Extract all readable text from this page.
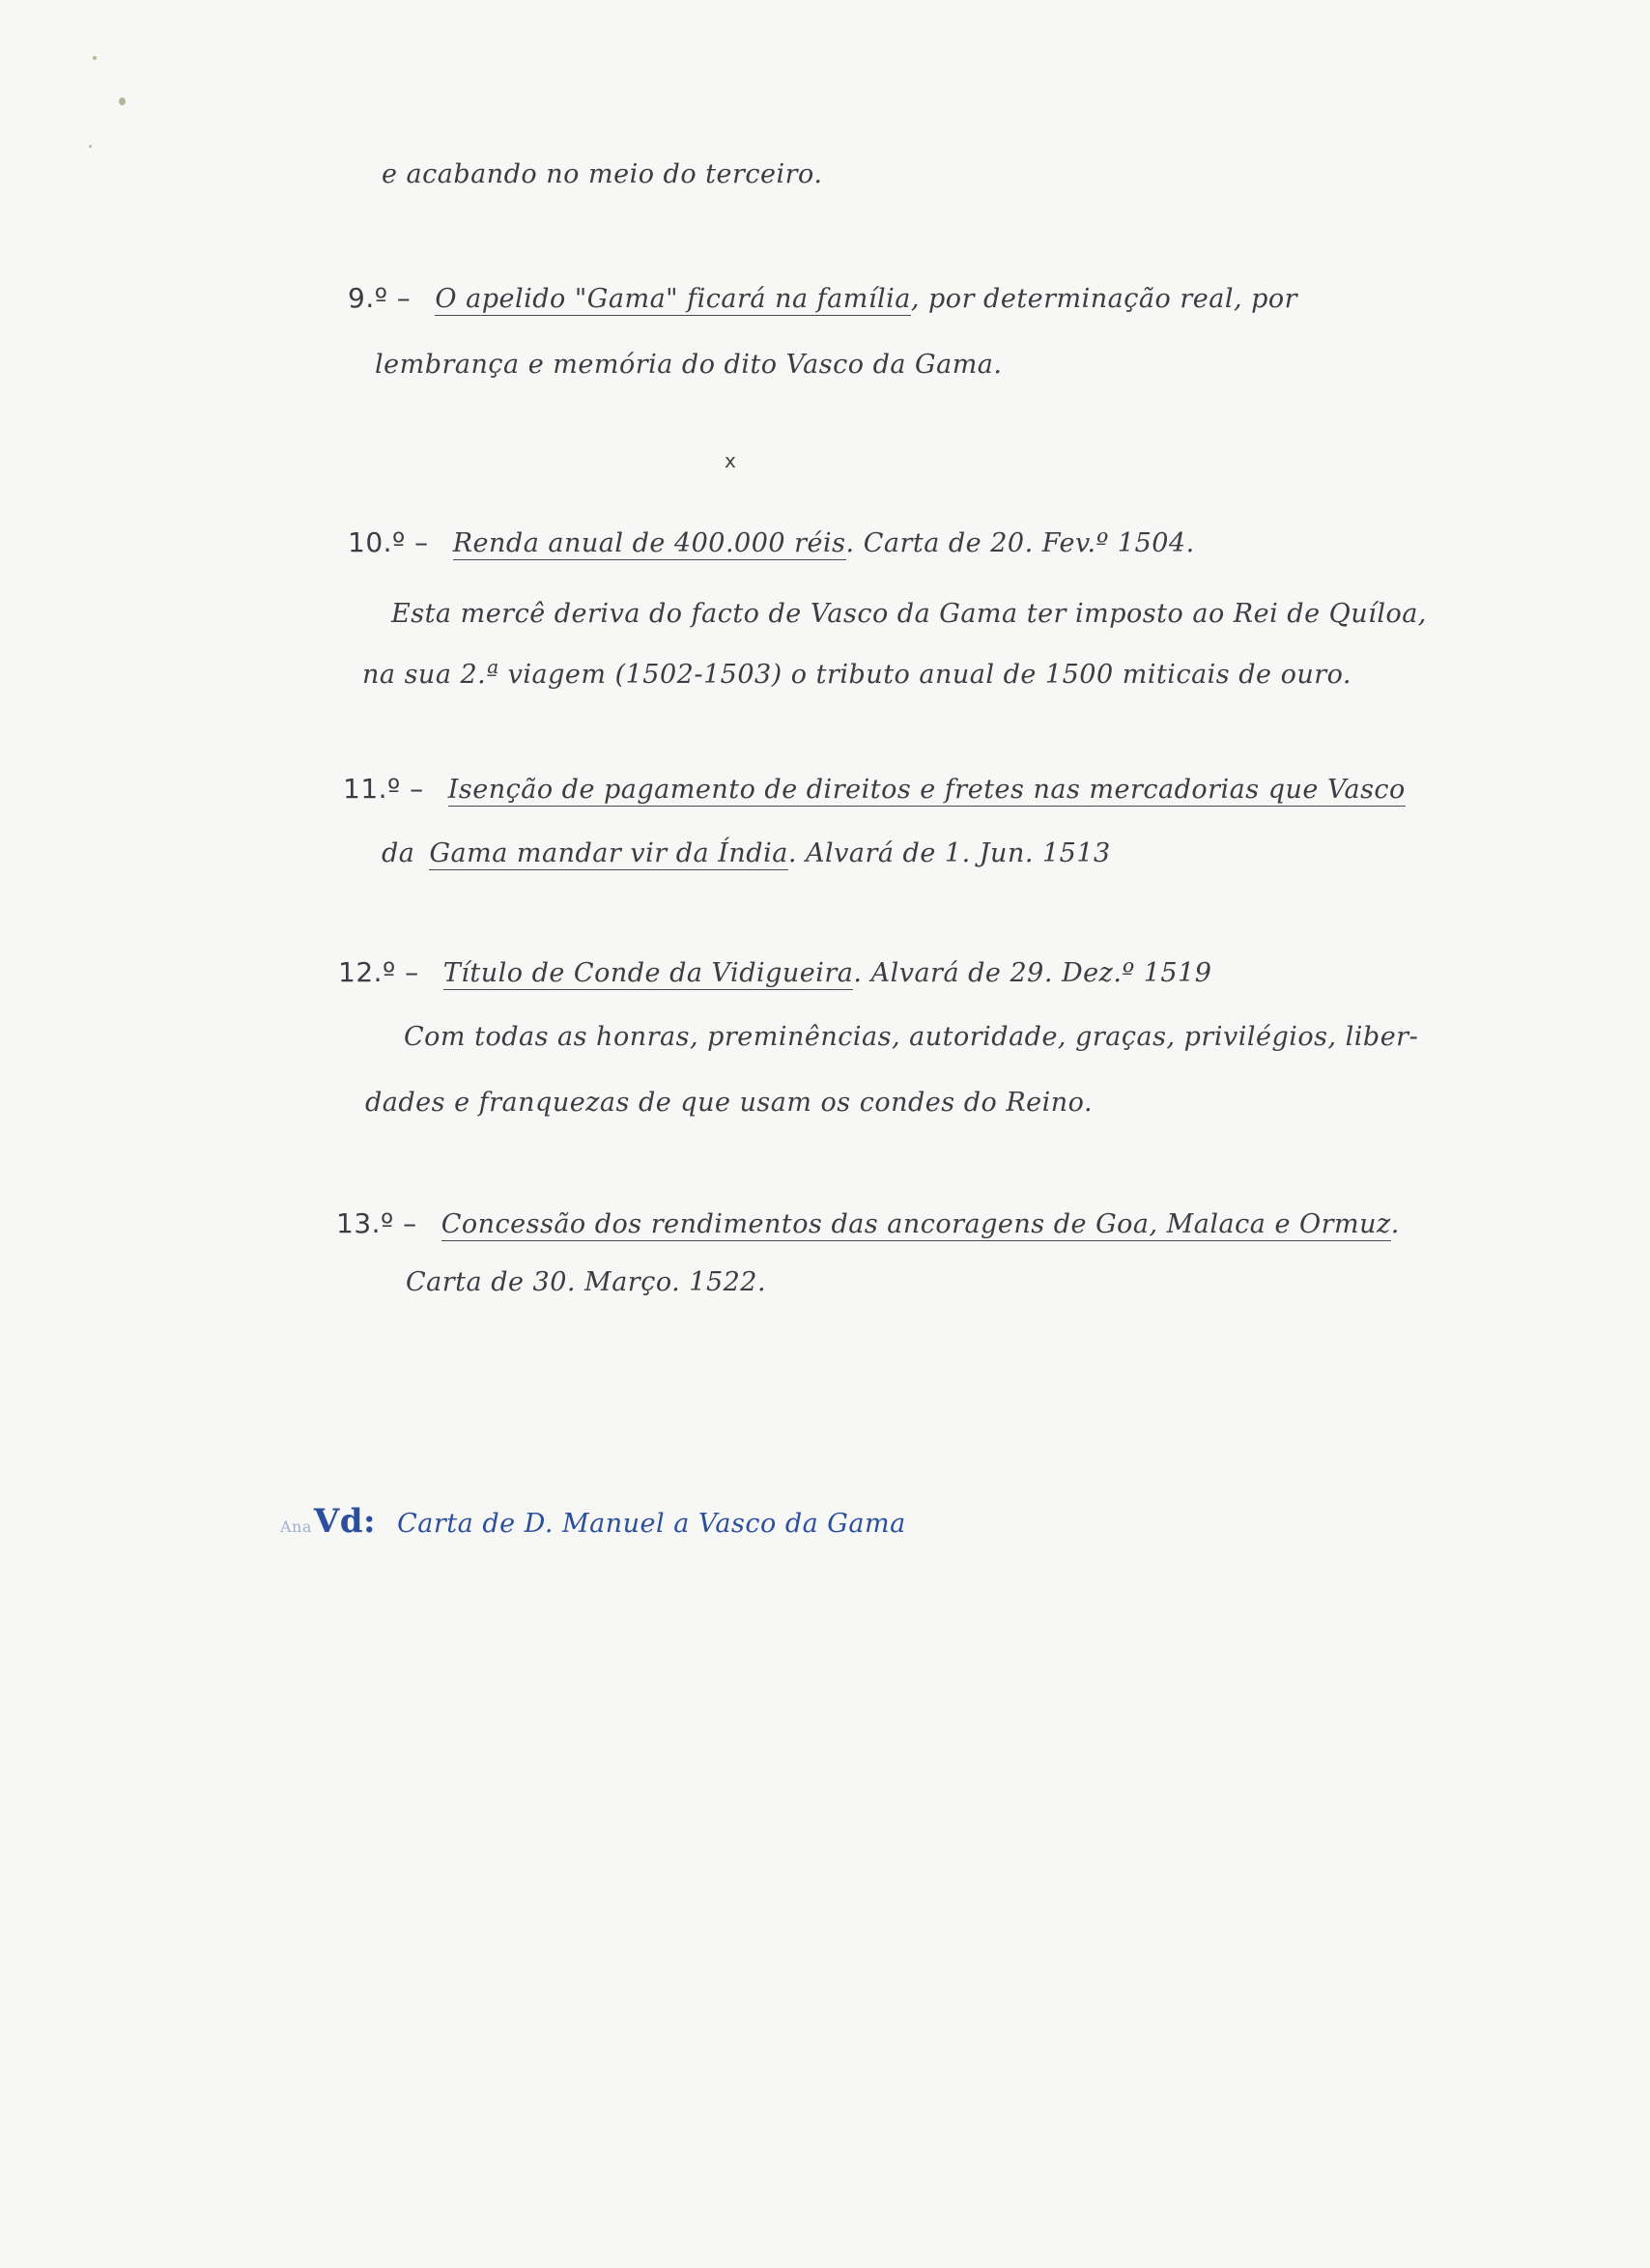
e acabando no meio do terceiro.
9.º – O apelido "Gama" ficará na família, por determinação real, por
lembrança e memória do dito Vasco da Gama.
x
10.º – Renda anual de 400.000 réis. Carta de 20. Fev.º 1504.
Esta mercê deriva do facto de Vasco da Gama ter imposto ao Rei de Quíloa,
na sua 2.ª viagem (1502-1503) o tributo anual de 1500 miticais de ouro.
11.º – Isenção de pagamento de direitos e fretes nas mercadorias que Vasco
da Gama mandar vir da Índia. Alvará de 1. Jun. 1513
12.º – Título de Conde da Vidigueira. Alvará de 29. Dez.º 1519
Com todas as honras, preminências, autoridade, graças, privilégios, liber-
dades e franquezas de que usam os condes do Reino.
13.º – Concessão dos rendimentos das ancoragens de Goa, Malaca e Ormuz.
Carta de 30. Março. 1522.
AnaVd: Carta de D. Manuel a Vasco da Gama
